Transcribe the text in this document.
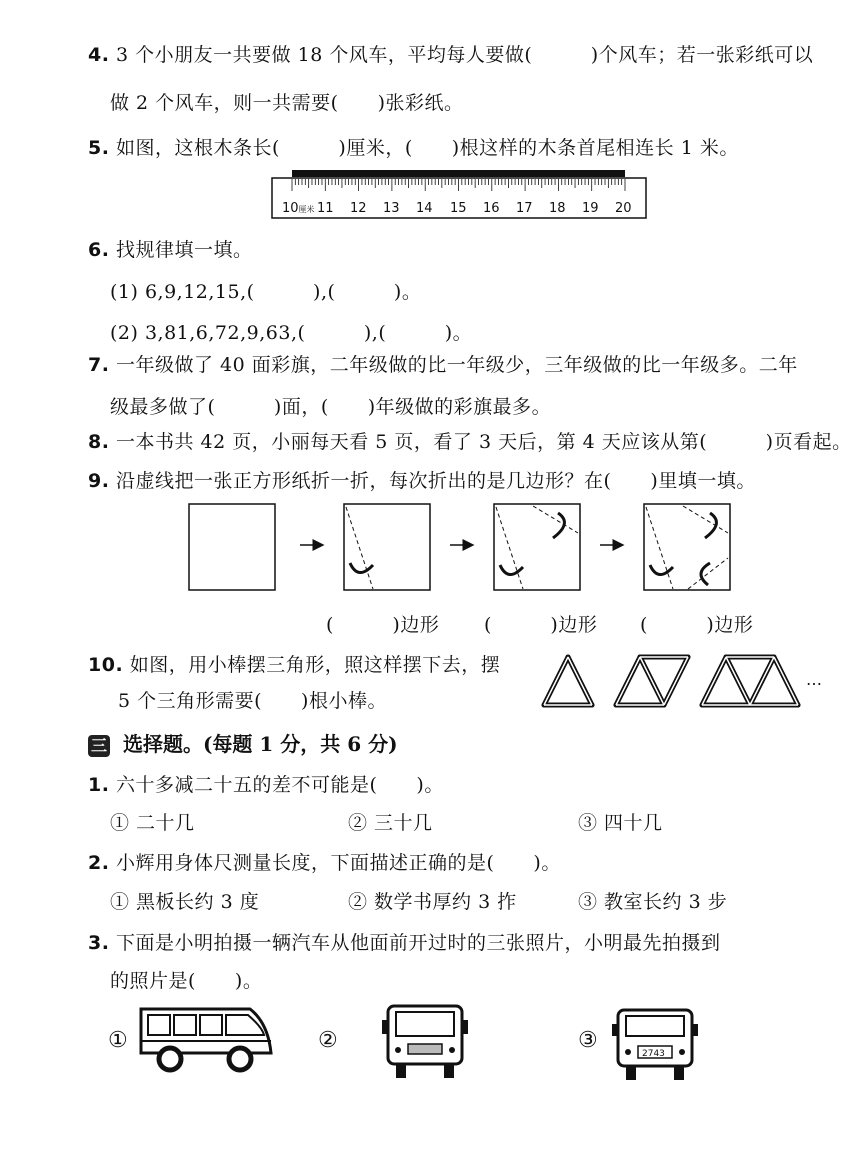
4. 3 个小朋友一共要做 18 个风车，平均每人要做(　　　)个风车；若一张彩纸可以
做 2 个风车，则一共需要(　　)张彩纸。
5. 如图，这根木条长(　　　)厘米，(　　)根这样的木条首尾相连长 1 米。
10厘米 11 12 13 14 15 16 17 18 19 20
6. 找规律填一填。
(1) 6,9,12,15,(　　　),(　　　)。
(2) 3,81,6,72,9,63,(　　　),(　　　)。
7. 一年级做了 40 面彩旗，二年级做的比一年级少，三年级做的比一年级多。二年
级最多做了(　　　)面，(　　)年级做的彩旗最多。
8. 一本书共 42 页，小丽每天看 5 页，看了 3 天后，第 4 天应该从第(　　　)页看起。
9. 沿虚线把一张正方形纸折一折，每次折出的是几边形？在(　　)里填一填。
(　　　)边形 (　　　)边形 (　　　)边形
10. 如图，用小棒摆三角形，照这样摆下去，摆
5 个三角形需要(　　)根小棒。
…
三 选择题。(每题 1 分，共 6 分)
1. 六十多减二十五的差不可能是(　　)。
① 二十几	② 三十几	③ 四十几
2. 小辉用身体尺测量长度，下面描述正确的是(　　)。
① 黑板长约 3 度	② 数学书厚约 3 拃	③ 教室长约 3 步
3. 下面是小明拍摄一辆汽车从他面前开过时的三张照片，小明最先拍摄到
的照片是(　　)。
①	②	③
2743
